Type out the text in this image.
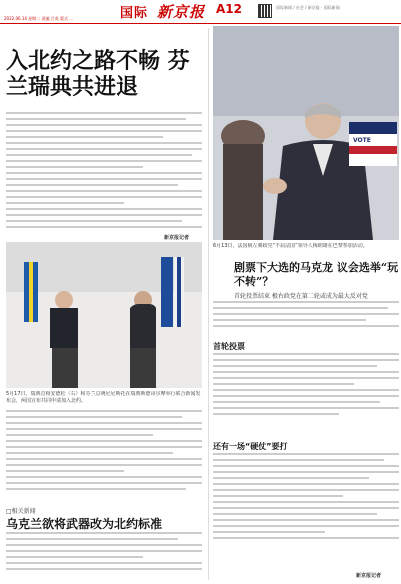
2022.06.14 星期二 责编 吕英 版式 …	国际 新京报 A12	国际新闻 / 社会 / 新京报 · 国际新闻
入北约之路不畅 芬兰瑞典共进退
新京报记者
5月17日，瑞典首相安德松（右）和芬兰总统尼尼斯托在瑞典斯德哥尔摩举行联合新闻发布会，两国宣布共同申请加入北约。
□相关新闻
乌克兰欲将武器改为北约标准
VOTE
6月13日，法国极左翼政党“不屈法国”领导人梅朗雄在巴黎参加活动。
剧票下大选的马克龙 议会选举“玩不转”？
首轮投票结束 极右政党在第二轮或成为最大反对党
首轮投票
还有一场“硬仗”要打
新京报记者
